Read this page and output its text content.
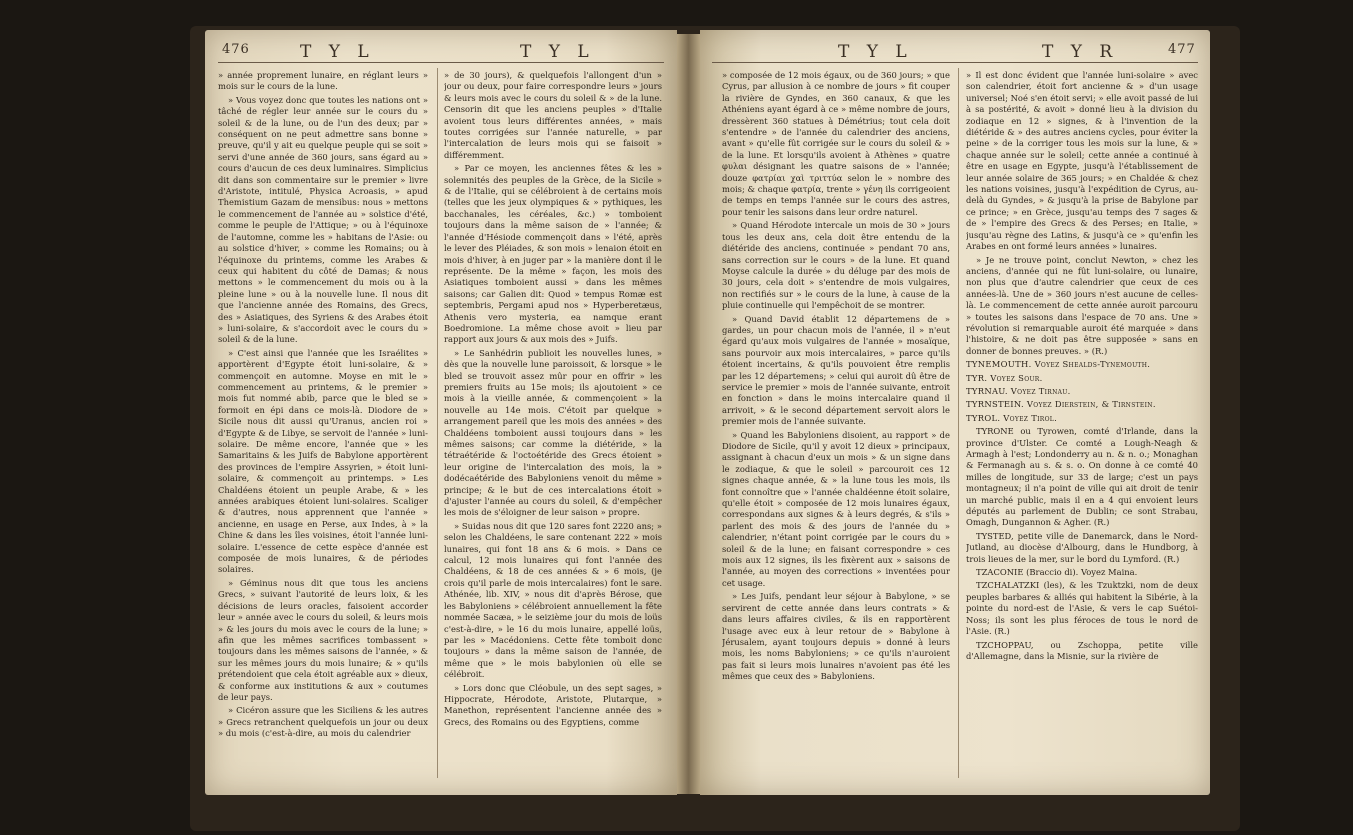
476	T Y L	T Y L	T Y L	T Y R	477

» année proprement lunaire, en réglant leurs » mois sur le cours de la lune.

» Vous voyez donc que toutes les nations ont » tâché de régler leur année sur le cours du » soleil & de la lune, ou de l'un des deux; par » conséquent on ne peut admettre sans bonne » preuve, qu'il y ait eu quelque peuple qui se soit » servi d'une année de 360 jours, sans égard au » cours d'aucun de ces deux luminaires. Simplicius dit dans son commentaire sur le premier » livre d'Aristote, intitulé, Physica Acroasis, » apud Themistium Gazam de mensibus: nous » mettons le commencement de l'année au » solstice d'été, comme le peuple de l'Attique; » ou à l'équinoxe de l'automne, comme les » habitans de l'Asie: ou au solstice d'hiver, » comme les Romains; ou à l'équinoxe du printems, comme les Arabes & ceux qui habitent du côté de Damas; & nous mettons » le commencement du mois ou à la pleine lune » ou à la nouvelle lune. Il nous dit que l'ancienne année des Romains, des Grecs, des » Asiatiques, des Syriens & des Arabes étoit » luni-solaire, & s'accordoit avec le cours du » soleil & de la lune.

» C'est ainsi que l'année que les Israélites » apportèrent d'Egypte étoit luni-solaire, & » commençoit en automne. Moyse en mit le » commencement au printems, & le premier » mois fut nommé abib, parce que le bled se » formoit en épi dans ce mois-là. Diodore de » Sicile nous dit aussi qu'Uranus, ancien roi » d'Egypte & de Libye, se servoit de l'année » luni-solaire. De même encore, l'année que » les Samaritains & les Juifs de Babylone apportèrent des provinces de l'empire Assyrien, » étoit luni-solaire, & commençoit au printemps. » Les Chaldéens étoient un peuple Arabe, & » les années arabiques étoient luni-solaires. Scaliger & d'autres, nous apprennent que l'année » ancienne, en usage en Perse, aux Indes, à » la Chine & dans les îles voisines, étoit l'année luni-solaire. L'essence de cette espèce d'année est composée de mois lunaires, & de périodes solaires.

» Géminus nous dit que tous les anciens Grecs, » suivant l'autorité de leurs loix, & les décisions de leurs oracles, faisoient accorder leur » année avec le cours du soleil, & leurs mois » & les jours du mois avec le cours de la lune; » afin que les mêmes sacrifices tombassent » toujours dans les mêmes saisons de l'année, » & sur les mêmes jours du mois lunaire; & » qu'ils prétendoient que cela étoit agréable aux » dieux, & conforme aux institutions & aux » coutumes de leur pays.

» Cicéron assure que les Siciliens & les autres » Grecs retranchent quelquefois un jour ou deux » du mois (c'est-à-dire, au mois du calendrier

» de 30 jours), & quelquefois l'allongent d'un » jour ou deux, pour faire correspondre leurs » jours & leurs mois avec le cours du soleil & » de la lune. Censorin dit que les anciens peuples » d'Italie avoient tous leurs différentes années, » mais toutes corrigées sur l'année naturelle, » par l'intercalation de leurs mois qui se faisoit » différemment.

» Par ce moyen, les anciennes fêtes & les » solemnités des peuples de la Grèce, de la Sicile » & de l'Italie, qui se célébroient à de certains mois (telles que les jeux olympiques & » pythiques, les bacchanales, les céréales, &c.) » tomboient toujours dans la même saison de » l'année; & l'année d'Hésiode commençoit dans » l'été, après le lever des Pléiades, & son mois » lenaion étoit en mois d'hiver, à en juger par » la manière dont il le représente. De la même » façon, les mois des Asiatiques tomboient aussi » dans les mêmes saisons; car Galien dit: Quod » tempus Romæ est septembris, Pergami apud nos » Hyperberetæus, Athenis vero mysteria, ea namque erant Boedromione. La même chose avoit » lieu par rapport aux jours & aux mois des » Juifs.

» Le Sanhédrin publioit les nouvelles lunes, » dès que la nouvelle lune paroissoit, & lorsque » le bled se trouvoit assez mûr pour en offrir » les premiers fruits au 15e mois; ils ajoutoient » ce mois à la vieille année, & commençoient » la nouvelle au 14e mois. C'étoit par quelque » arrangement pareil que les mois des années » des Chaldéens tomboient aussi toujours dans » les mêmes saisons; car comme la diétéride, » la tétraétéride & l'octoétéride des Grecs étoient » leur origine de l'intercalation des mois, la » dodécaétéride des Babyloniens venoit du même » principe; & le but de ces intercalations étoit » d'ajuster l'année au cours du soleil, & d'empêcher les mois de s'éloigner de leur saison » propre.

» Suidas nous dit que 120 sares font 2220 ans; » selon les Chaldéens, le sare contenant 222 » mois lunaires, qui font 18 ans & 6 mois. » Dans ce calcul, 12 mois lunaires qui font l'année des Chaldéens, & 18 de ces années & » 6 mois, (je crois qu'il parle de mois intercalaires) font le sare. Athénée, lib. XIV, » nous dit d'après Bérose, que les Babyloniens » célébroient annuellement la fête nommée Sacæa, » le seizième jour du mois de loüs c'est-à-dire, » le 16 du mois lunaire, appellé loüs, par les » Macédoniens. Cette fête tomboit donc toujours » dans la même saison de l'année, de même que » le mois babylonien où elle se célébroit.

» Lors donc que Cléobule, un des sept sages, » Hippocrate, Hérodote, Aristote, Plutarque, » Manethon, représentent l'ancienne année des » Grecs, des Romains ou des Egyptiens, comme

» composée de 12 mois égaux, ou de 360 jours; » que Cyrus, par allusion à ce nombre de jours » fit couper la rivière de Gyndes, en 360 canaux, & que les Athéniens ayant égard à ce » même nombre de jours, dressèrent 360 statues à Démétrius; tout cela doit s'entendre » de l'année du calendrier des anciens, avant » qu'elle fût corrigée sur le cours du soleil & » de la lune. Et lorsqu'ils avoient à Athènes » quatre φυλαι désignant les quatre saisons de » l'année; douze φατρίαι χαὶ τριττύα selon le » nombre des mois; & chaque φατρία, trente » γένη ils corrigeoient de temps en temps l'année sur le cours des astres, pour tenir les saisons dans leur ordre naturel.

» Quand Hérodote intercale un mois de 30 » jours tous les deux ans, cela doit être entendu de la diétéride des anciens, continuée » pendant 70 ans, sans correction sur le cours » de la lune. Et quand Moyse calcule la durée » du déluge par des mois de 30 jours, cela doit » s'entendre de mois vulgaires, non rectifiés sur » le cours de la lune, à cause de la pluie continuelle qui l'empêchoit de se montrer.

» Quand David établit 12 départemens de » gardes, un pour chacun mois de l'année, il » n'eut égard qu'aux mois vulgaires de l'année » mosaïque, sans pourvoir aux mois intercalaires, » parce qu'ils étoient incertains, & qu'ils pouvoient être remplis par les 12 départemens; » celui qui auroit dû être de service le premier » mois de l'année suivante, entroit en fonction » dans le moins intercalaire quand il arrivoit, » & le second département servoit alors le premier mois de l'année suivante.

» Quand les Babyloniens disoient, au rapport » de Diodore de Sicile, qu'il y avoit 12 dieux » principaux, assignant à chacun d'eux un mois » & un signe dans le zodiaque, & que le soleil » parcouroit ces 12 signes chaque année, & » la lune tous les mois, ils font connoître que » l'année chaldéenne étoit solaire, qu'elle étoit » composée de 12 mois lunaires égaux, correspondans aux signes & à leurs degrés, & s'ils » parlent des mois & des jours de l'année du » calendrier, n'étant point corrigée par le cours du » soleil & de la lune; en faisant correspondre » ces mois aux 12 signes, ils les fixèrent aux » saisons de l'année, au moyen des corrections » inventées pour cet usage.

» Les Juifs, pendant leur séjour à Babylone, » se servirent de cette année dans leurs contrats » & dans leurs affaires civiles, & ils en rapportèrent l'usage avec eux à leur retour de » Babylone à Jérusalem, ayant toujours depuis » donné à leurs mois, les noms Babyloniens; » ce qu'ils n'auroient pas fait si leurs mois lunaires n'avoient pas été les mêmes que ceux des » Babyloniens.

» Il est donc évident que l'année luni-solaire » avec son calendrier, étoit fort ancienne & » d'un usage universel; Noé s'en étoit servi; » elle avoit passé de lui à sa postérité, & avoit » donné lieu à la division du zodiaque en 12 » signes, & à l'invention de la diétéride & » des autres anciens cycles, pour éviter la peine » de la corriger tous les mois sur la lune, & » chaque année sur le soleil; cette année a continué à être en usage en Egypte, jusqu'à l'établissement de leur année solaire de 365 jours; » en Chaldée & chez les nations voisines, jusqu'à l'expédition de Cyrus, au-delà du Gyndes, » & jusqu'à la prise de Babylone par ce prince; » en Grèce, jusqu'au temps des 7 sages & de » l'empire des Grecs & des Perses; en Italie, » jusqu'au règne des Latins, & jusqu'à ce » qu'enfin les Arabes en ont formé leurs années » lunaires.

» Je ne trouve point, conclut Newton, » chez les anciens, d'année qui ne fût luni-solaire, ou lunaire, non plus que d'autre calendrier que ceux de ces années-là. Une de » 360 jours n'est aucune de celles-là. Le commencement de cette année auroit parcouru » toutes les saisons dans l'espace de 70 ans. Une » révolution si remarquable auroit été marquée » dans l'histoire, & ne doit pas être supposée » sans en donner de bonnes preuves. » (R.)

TYNEMOUTH. Voyez Shealds-Tynemouth.

TYR. Voyez Sour.

TYRNAU. Voyez Tirnau.

TYRNSTEIN. Voyez Dierstein, & Tirnstein.

TYROL. Voyez Tirol.

TYRONE ou Tyrowen, comté d'Irlande, dans la province d'Ulster. Ce comté a Lough-Neagh & Armagh à l'est; Londonderry au n. & n. o.; Monaghan & Fermanagh au s. & s. o. On donne à ce comté 40 milles de longitude, sur 33 de large; c'est un pays montagneux; il n'a point de ville qui ait droit de tenir un marché public, mais il en a 4 qui envoient leurs députés au parlement de Dublin; ce sont Strabau, Omagh, Dungannon & Agher. (R.)

TYSTED, petite ville de Danemarck, dans le Nord-Jutland, au diocèse d'Albourg, dans le Hundborg, à trois lieues de la mer, sur le bord du Lymford. (R.)

TZACONIE (Braccio di). Voyez Maina.

TZCHALATZKI (les), & les Tzuktzki, nom de deux peuples barbares & alliés qui habitent la Sibérie, à la pointe du nord-est de l'Asie, & vers le cap Suétoi-Noss; ils sont les plus féroces de tous le nord de l'Asie. (R.)

TZCHOPPAU, ou Zschoppa, petite ville d'Allemagne, dans la Misnie, sur la rivière de
